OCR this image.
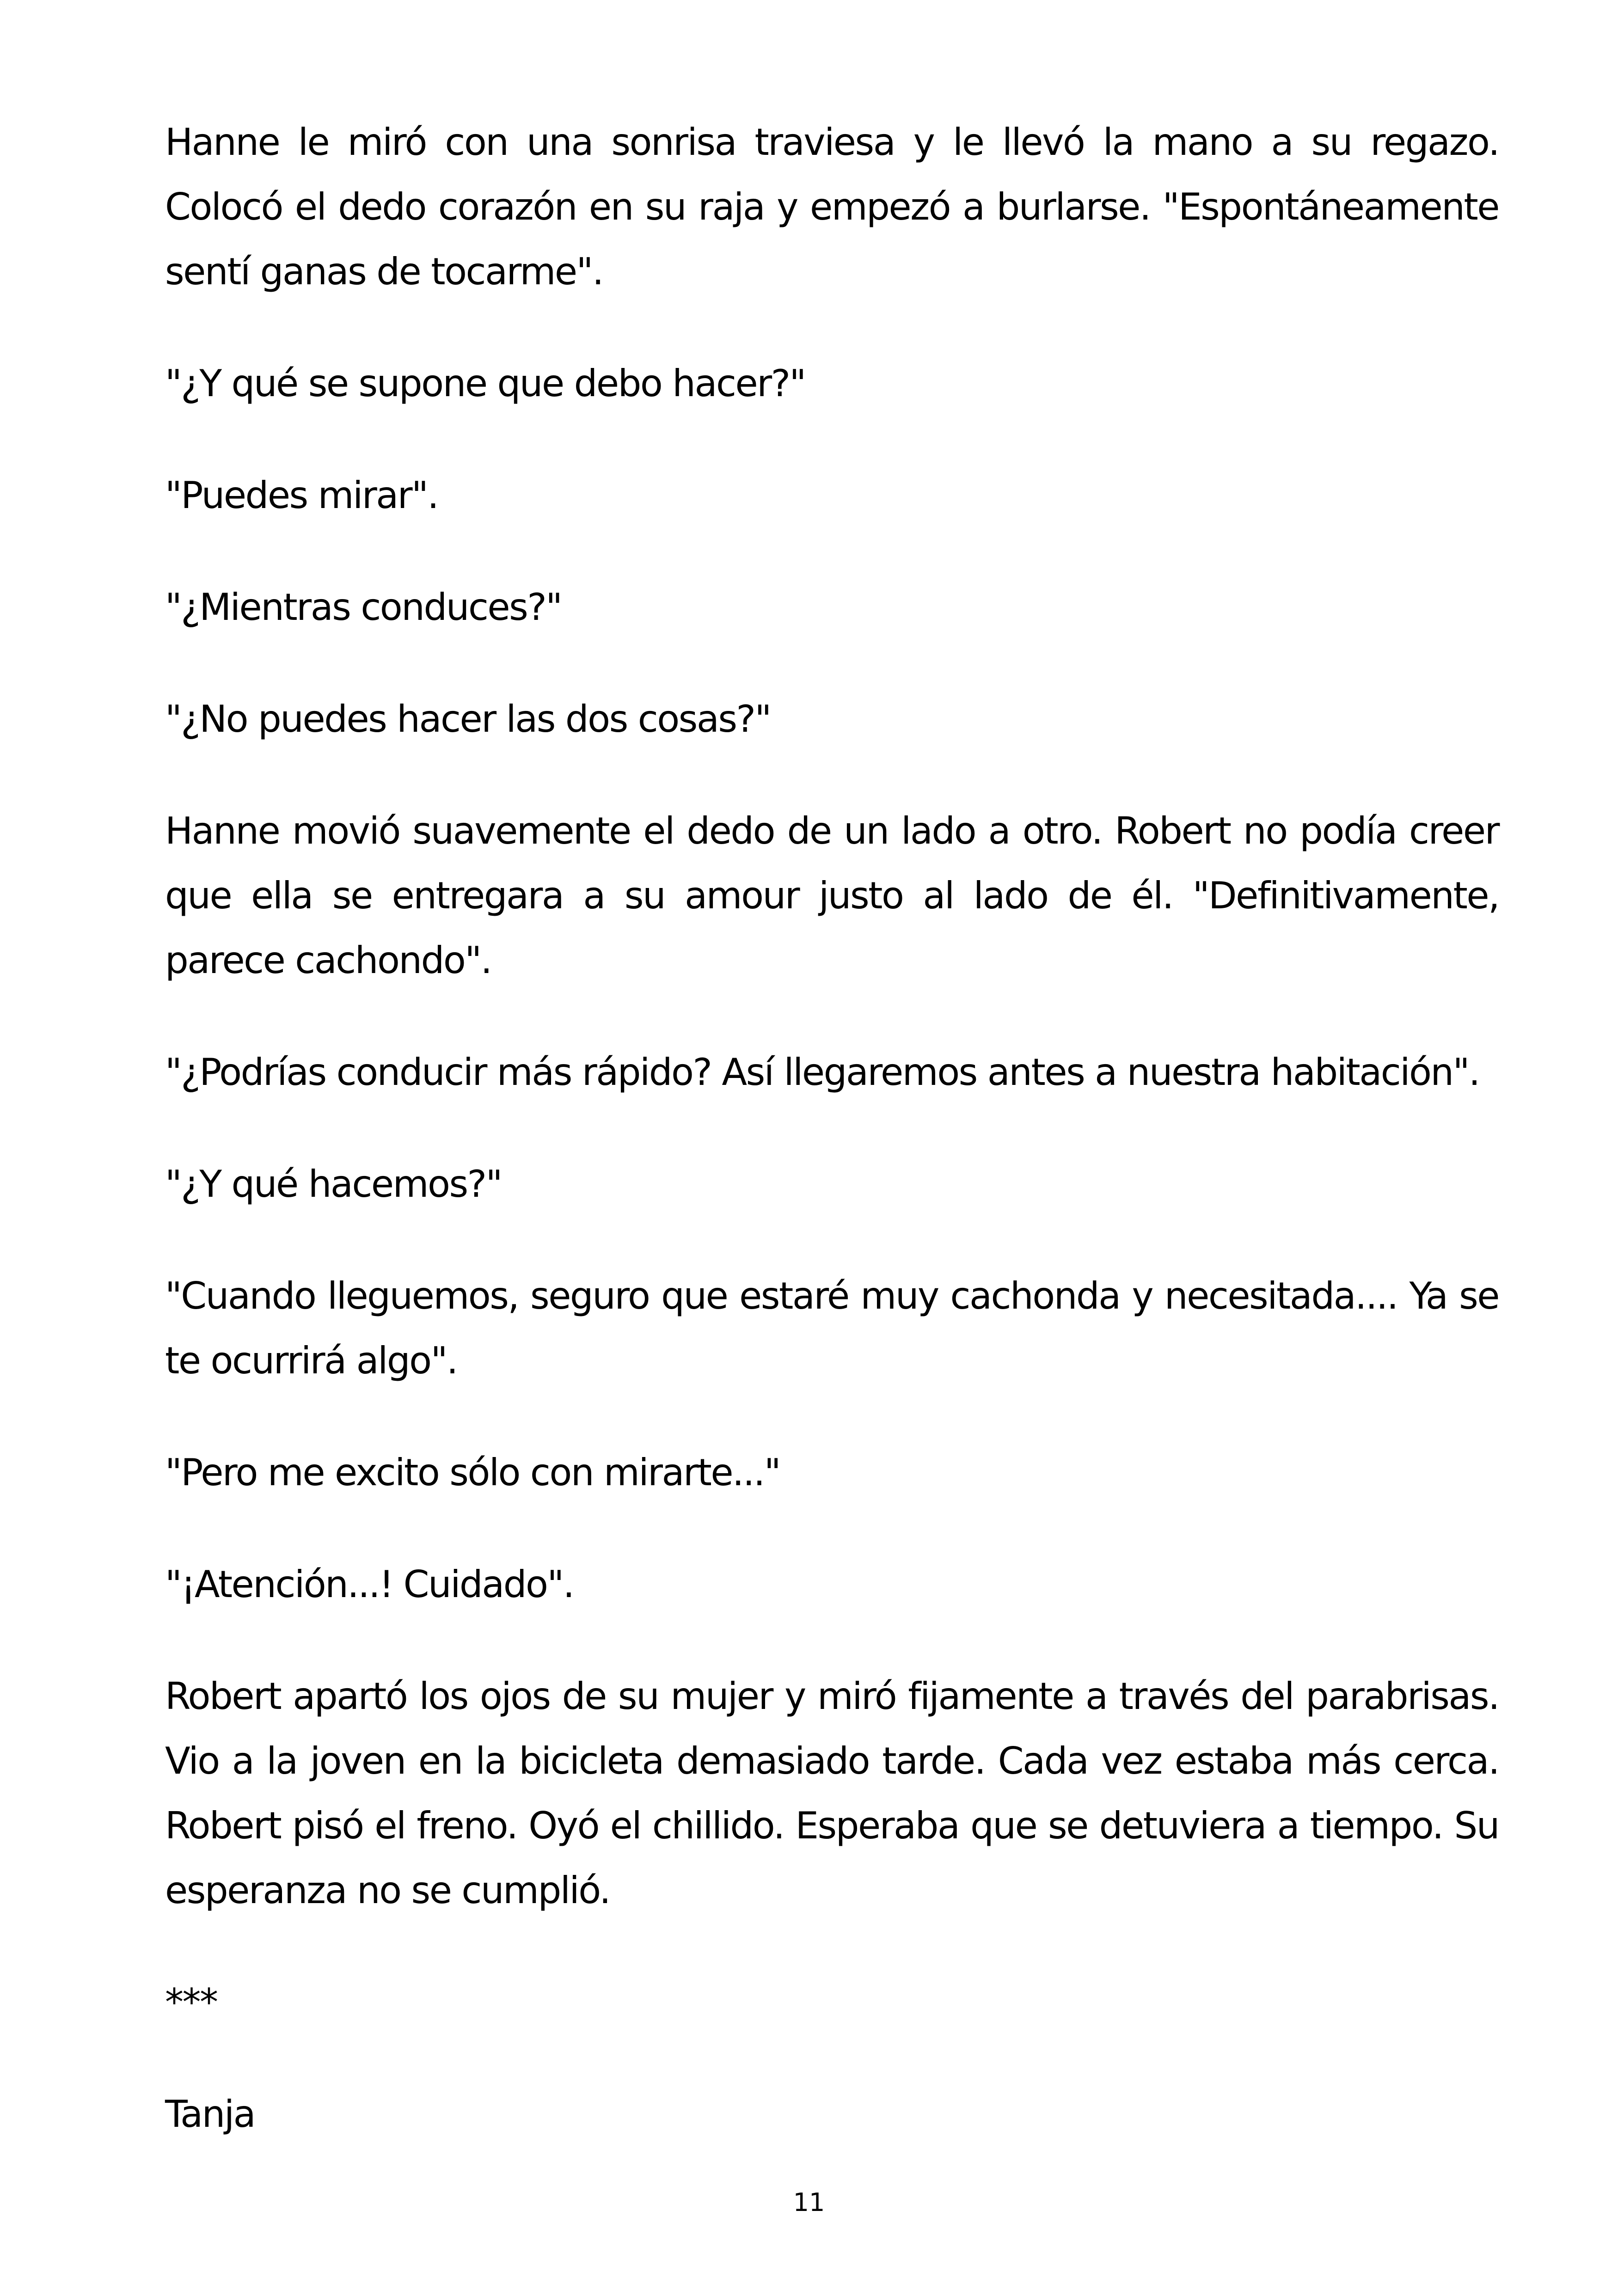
Hanne le miró con una sonrisa traviesa y le llevó la mano a su regazo. Colocó el dedo corazón en su raja y empezó a burlarse. "Espontáneamente sentí ganas de tocarme".

"¿Y qué se supone que debo hacer?"

"Puedes mirar".

"¿Mientras conduces?"

"¿No puedes hacer las dos cosas?"

Hanne movió suavemente el dedo de un lado a otro. Robert no podía creer que ella se entregara a su amour justo al lado de él. "Definitivamente, parece cachondo".

"¿Podrías conducir más rápido? Así llegaremos antes a nuestra habitación".

"¿Y qué hacemos?"

"Cuando lleguemos, seguro que estaré muy cachonda y necesitada.... Ya se te ocurrirá algo".

"Pero me excito sólo con mirarte..."

"¡Atención...! Cuidado".

Robert apartó los ojos de su mujer y miró fijamente a través del parabrisas. Vio a la joven en la bicicleta demasiado tarde. Cada vez estaba más cerca. Robert pisó el freno. Oyó el chillido. Esperaba que se detuviera a tiempo. Su esperanza no se cumplió.

***

Tanja

11
